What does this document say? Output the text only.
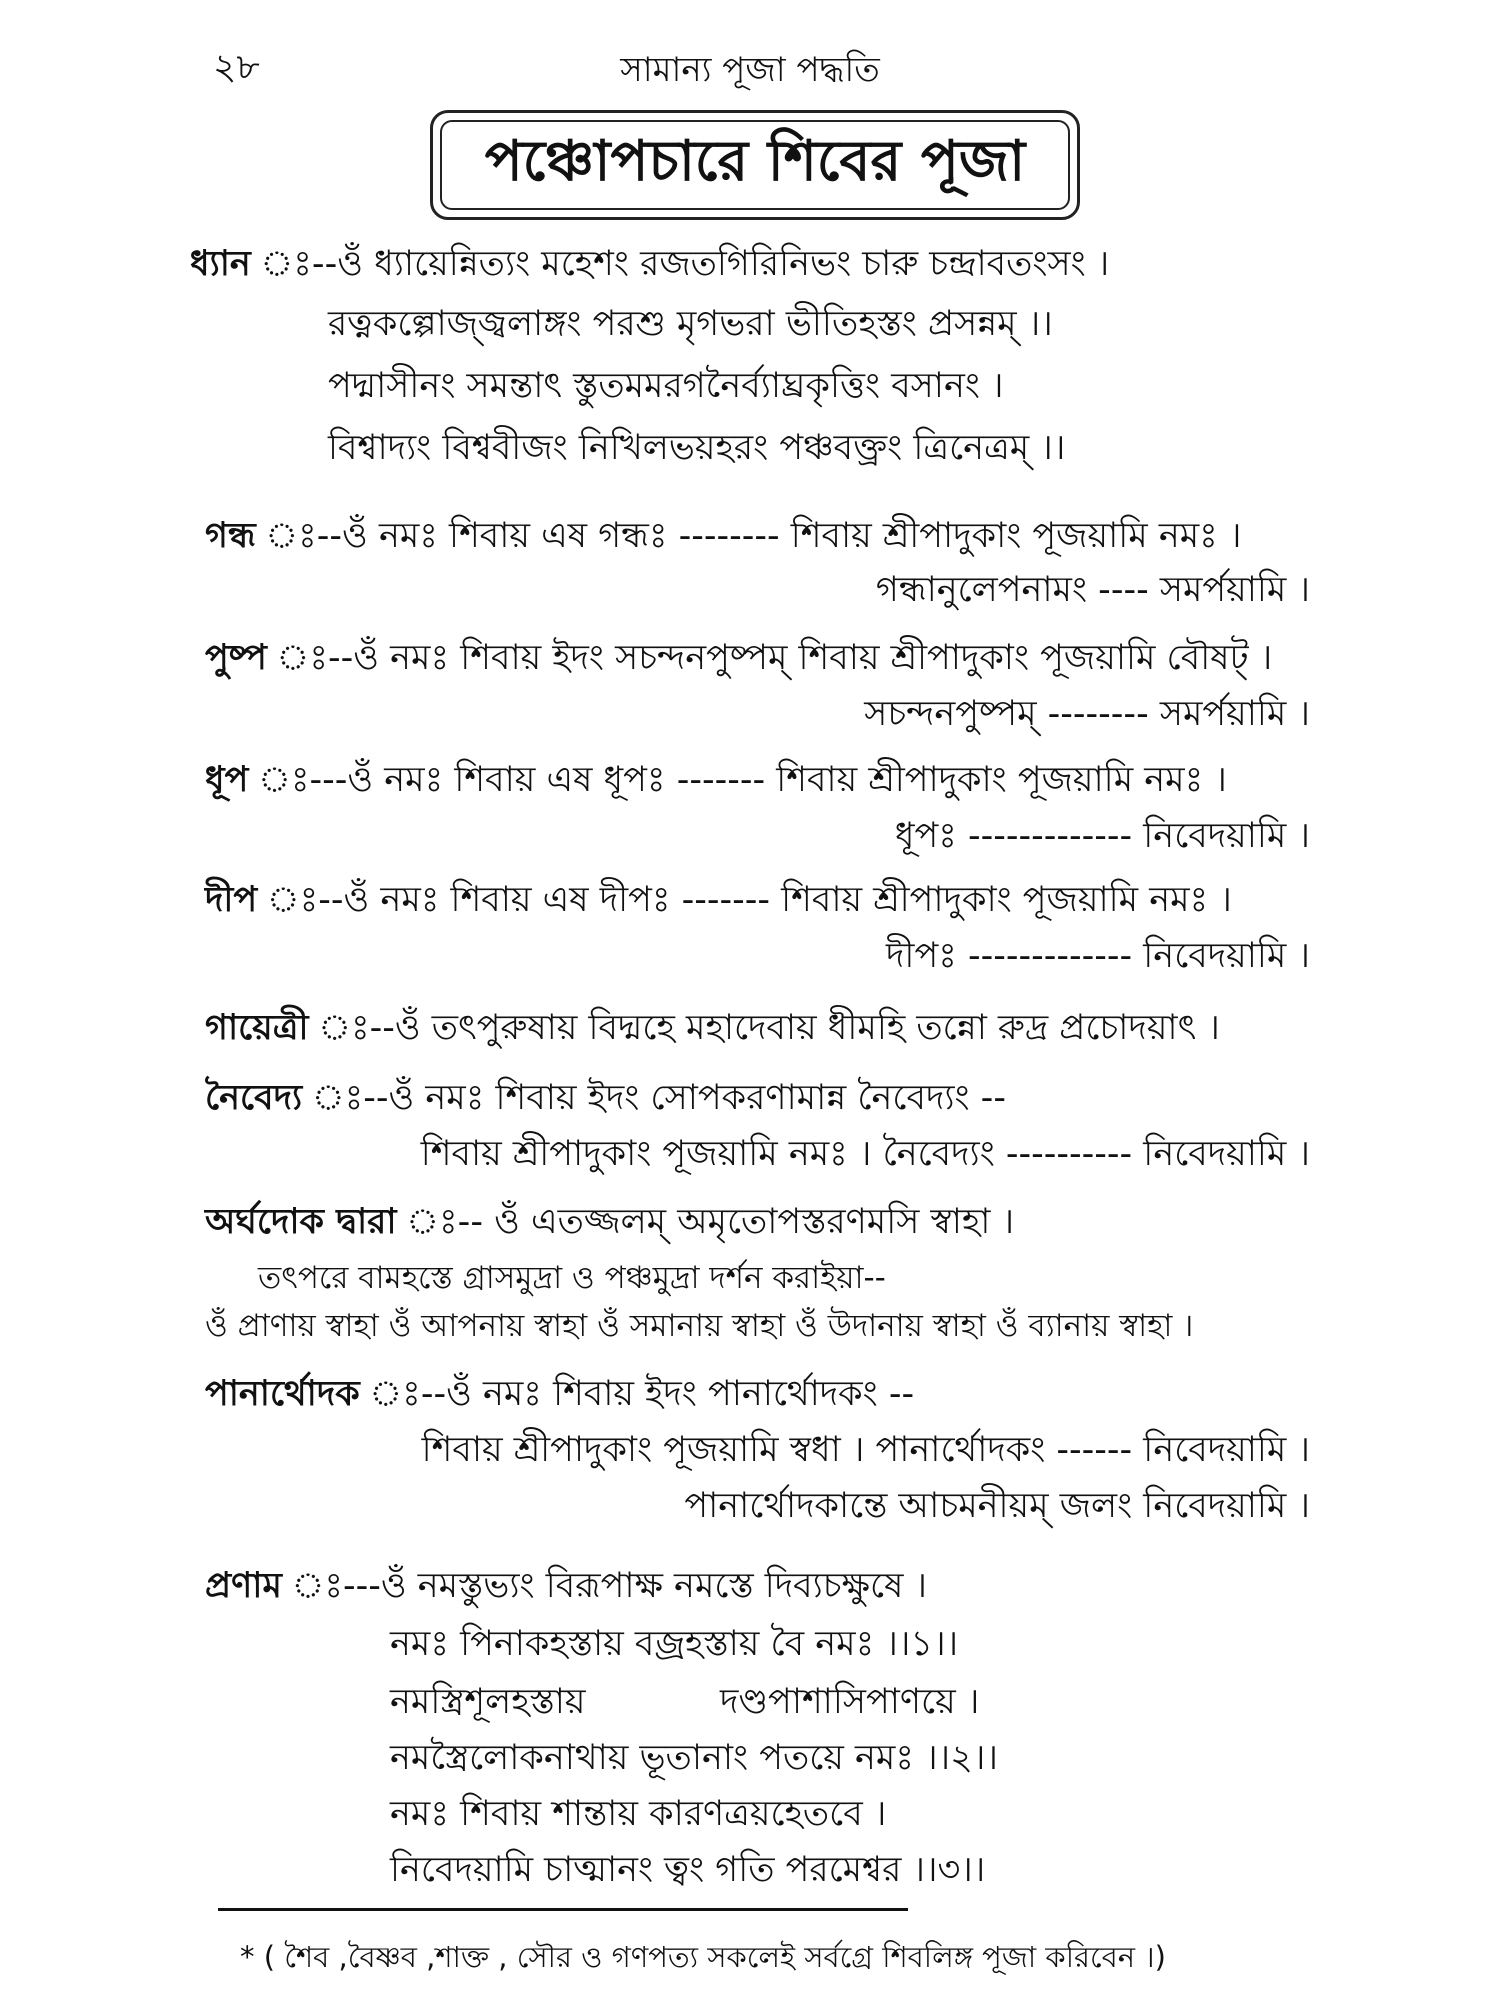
২৮	সামান্য পূজা পদ্ধতি
পঞ্চোপচারে শিবের পূজা
ধ্যান ঃ--ওঁ ধ্যায়েন্নিত্যং মহেশং রজতগিরিনিভং চারু চন্দ্রাবতংসং ।
রত্নকল্পোজ্জ্বলাঙ্গং পরশু মৃগভরা ভীতিহস্তং প্রসন্নম্ ।।
পদ্মাসীনং সমন্তাৎ স্তুতমমরগনৈর্ব্যাঘ্রকৃত্তিং বসানং ।
বিশ্বাদ্যং বিশ্ববীজং নিখিলভয়হরং পঞ্চবক্ত্রং ত্রিনেত্রম্ ।।
গন্ধ ঃ--ওঁ নমঃ শিবায় এষ গন্ধঃ -------- শিবায় শ্রীপাদুকাং পূজয়ামি নমঃ ।
গন্ধানুলেপনামং ---- সমর্পয়ামি ।
পুষ্প ঃ--ওঁ নমঃ শিবায় ইদং সচন্দনপুষ্পম্ শিবায় শ্রীপাদুকাং পূজয়ামি বৌষট্ ।
সচন্দনপুষ্পম্ -------- সমর্পয়ামি ।
ধূপ ঃ---ওঁ নমঃ শিবায় এষ ধূপঃ ------- শিবায় শ্রীপাদুকাং পূজয়ামি নমঃ ।
ধূপঃ ------------- নিবেদয়ামি ।
দীপ ঃ--ওঁ নমঃ শিবায় এষ দীপঃ ------- শিবায় শ্রীপাদুকাং পূজয়ামি নমঃ ।
দীপঃ ------------- নিবেদয়ামি ।
গায়েত্রী ঃ--ওঁ তৎপুরুষায় বিদ্মহে মহাদেবায় ধীমহি তন্নো রুদ্র প্রচোদয়াৎ ।
নৈবেদ্য ঃ--ওঁ নমঃ শিবায় ইদং সোপকরণামান্ন নৈবেদ্যং --
শিবায় শ্রীপাদুকাং পূজয়ামি নমঃ । নৈবেদ্যং ---------- নিবেদয়ামি ।
অর্ঘদোক দ্বারা ঃ-- ওঁ এতজ্জলম্ অমৃতোপস্তরণমসি স্বাহা ।
তৎপরে বামহস্তে গ্রাসমুদ্রা ও পঞ্চমুদ্রা দর্শন করাইয়া--
ওঁ প্রাণায় স্বাহা ওঁ আপনায় স্বাহা ওঁ সমানায় স্বাহা ওঁ উদানায় স্বাহা ওঁ ব্যানায় স্বাহা ।
পানার্থোদক ঃ--ওঁ নমঃ শিবায় ইদং পানার্থোদকং --
শিবায় শ্রীপাদুকাং পূজয়ামি স্বধা । পানার্থোদকং ------ নিবেদয়ামি ।
পানার্থোদকান্তে আচমনীয়ম্ জলং নিবেদয়ামি ।
প্রণাম ঃ---ওঁ নমস্তুভ্যং বিরূপাক্ষ নমস্তে দিব্যচক্ষুষে ।
নমঃ পিনাকহস্তায় বজ্রহস্তায় বৈ নমঃ ।।১।।
নমস্ত্রিশূলহস্তায়	দণ্ডপাশাসিপাণয়ে ।
নমস্ত্রৈলোকনাথায় ভূতানাং পতয়ে নমঃ ।।২।।
নমঃ শিবায় শান্তায় কারণত্রয়হেতবে ।
নিবেদয়ামি চাত্মানং ত্বং গতি পরমেশ্বর ।।৩।।
* ( শৈব ,বৈষ্ণব ,শাক্ত , সৌর ও গণপত্য সকলেই সর্বগ্রে শিবলিঙ্গ পূজা করিবেন ।)
